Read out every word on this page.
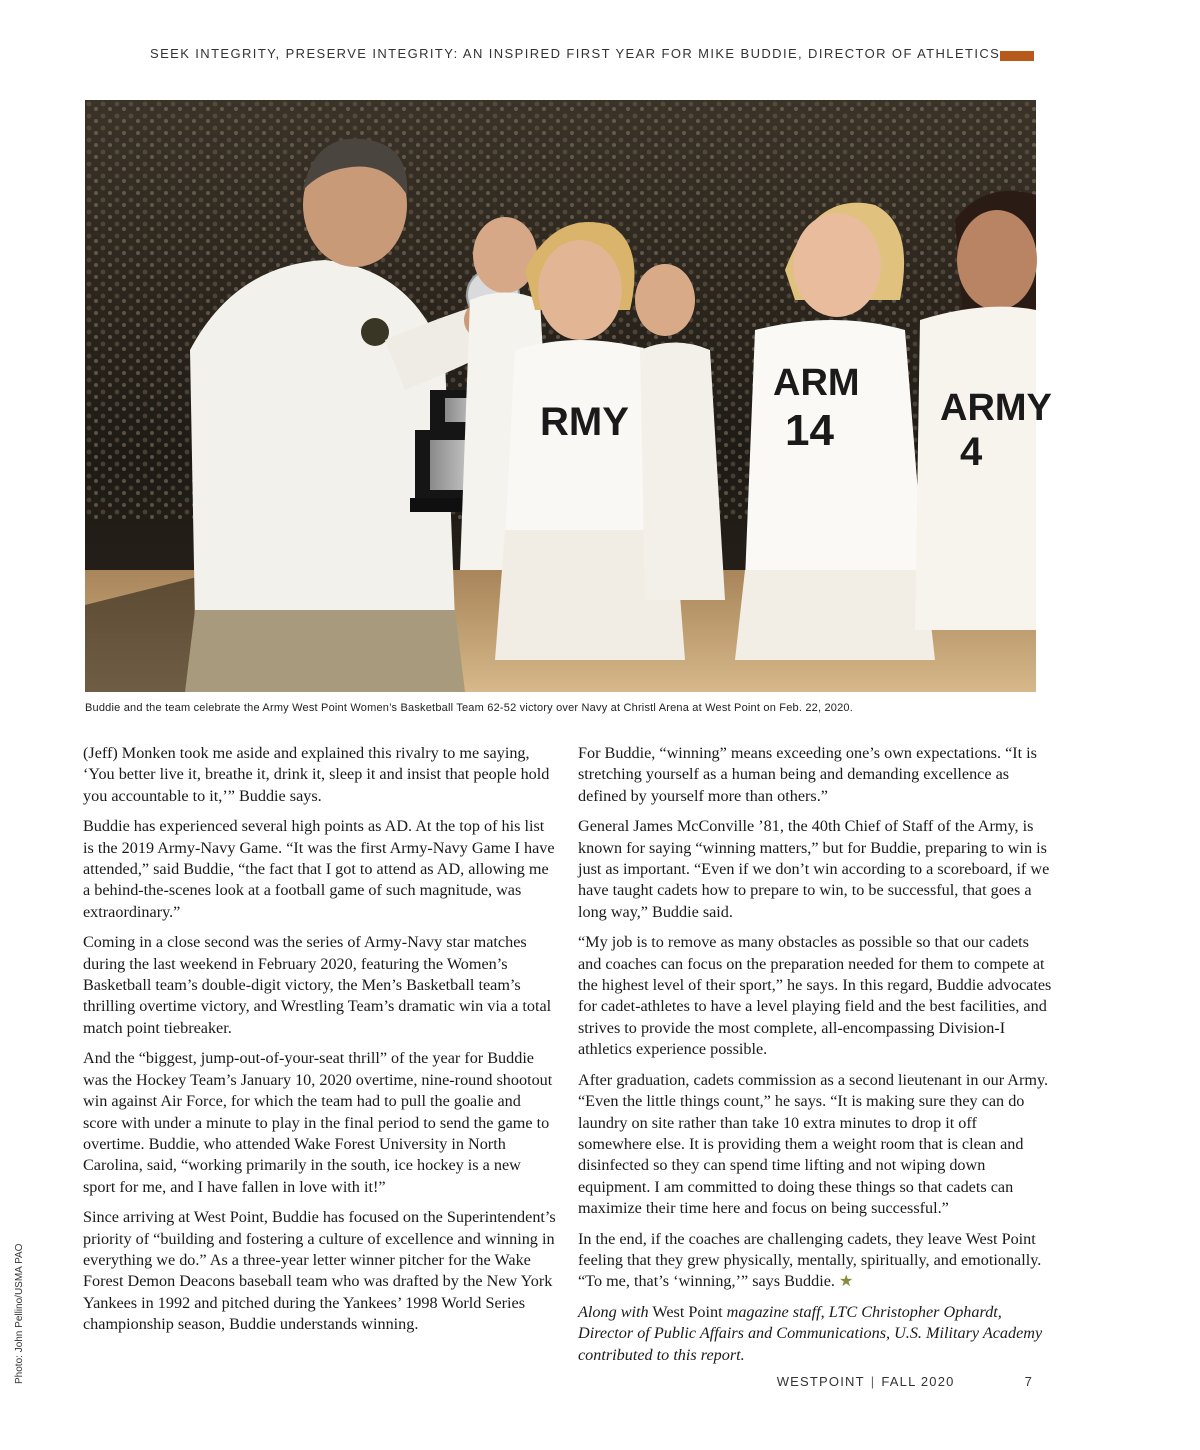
SEEK INTEGRITY, PRESERVE INTEGRITY: AN INSPIRED FIRST YEAR FOR MIKE BUDDIE, DIRECTOR OF ATHLETICS
RMY
ARM
14	ARMY
4
Buddie and the team celebrate the Army West Point Women’s Basketball Team 62-52 victory over Navy at Christl Arena at West Point on Feb. 22, 2020.

(Jeff) Monken took me aside and explained this rivalry to me saying, ‘You better live it, breathe it, drink it, sleep it and insist that people hold you accountable to it,’” Buddie says.

Buddie has experienced several high points as AD. At the top of his list is the 2019 Army-Navy Game. “It was the first Army-Navy Game I have attended,” said Buddie, “the fact that I got to attend as AD, allowing me a behind-the-scenes look at a football game of such magnitude, was extraordinary.”

Coming in a close second was the series of Army-Navy star matches during the last weekend in February 2020, featuring the Women’s Basketball team’s double-digit victory, the Men’s Basketball team’s thrilling overtime victory, and Wrestling Team’s dramatic win via a total match point tiebreaker.

And the “biggest, jump-out-of-your-seat thrill” of the year for Buddie was the Hockey Team’s January 10, 2020 overtime, nine-round shootout win against Air Force, for which the team had to pull the goalie and score with under a minute to play in the final period to send the game to overtime. Buddie, who attended Wake Forest University in North Carolina, said, “working primarily in the south, ice hockey is a new sport for me, and I have fallen in love with it!”

Since arriving at West Point, Buddie has focused on the Superintendent’s priority of “building and fostering a culture of excellence and winning in everything we do.” As a three-year letter winner pitcher for the Wake Forest Demon Deacons baseball team who was drafted by the New York Yankees in 1992 and pitched during the Yankees’ 1998 World Series championship season, Buddie understands winning.

For Buddie, “winning” means exceeding one’s own expectations. “It is stretching yourself as a human being and demanding excellence as defined by yourself more than others.”

General James McConville ’81, the 40th Chief of Staff of the Army, is known for saying “winning matters,” but for Buddie, preparing to win is just as important. “Even if we don’t win according to a scoreboard, if we have taught cadets how to prepare to win, to be successful, that goes a long way,” Buddie said.

“My job is to remove as many obstacles as possible so that our cadets and coaches can focus on the preparation needed for them to compete at the highest level of their sport,” he says. In this regard, Buddie advocates for cadet-athletes to have a level playing field and the best facilities, and strives to provide the most complete, all-encompassing Division-I athletics experience possible.

After graduation, cadets commission as a second lieutenant in our Army. “Even the little things count,” he says. “It is making sure they can do laundry on site rather than take 10 extra minutes to drop it off somewhere else. It is providing them a weight room that is clean and disinfected so they can spend time lifting and not wiping down equipment. I am committed to doing these things so that cadets can maximize their time here and focus on being successful.”

In the end, if the coaches are challenging cadets, they leave West Point feeling that they grew physically, mentally, spiritually, and emotionally. “To me, that’s ‘winning,’” says Buddie. ★

Along with West Point magazine staff, LTC Christopher Ophardt, Director of Public Affairs and Communications, U.S. Military Academy contributed to this report.

Photo: John Pellino/USMA PAO	WESTPOINT | FALL 2020	7
